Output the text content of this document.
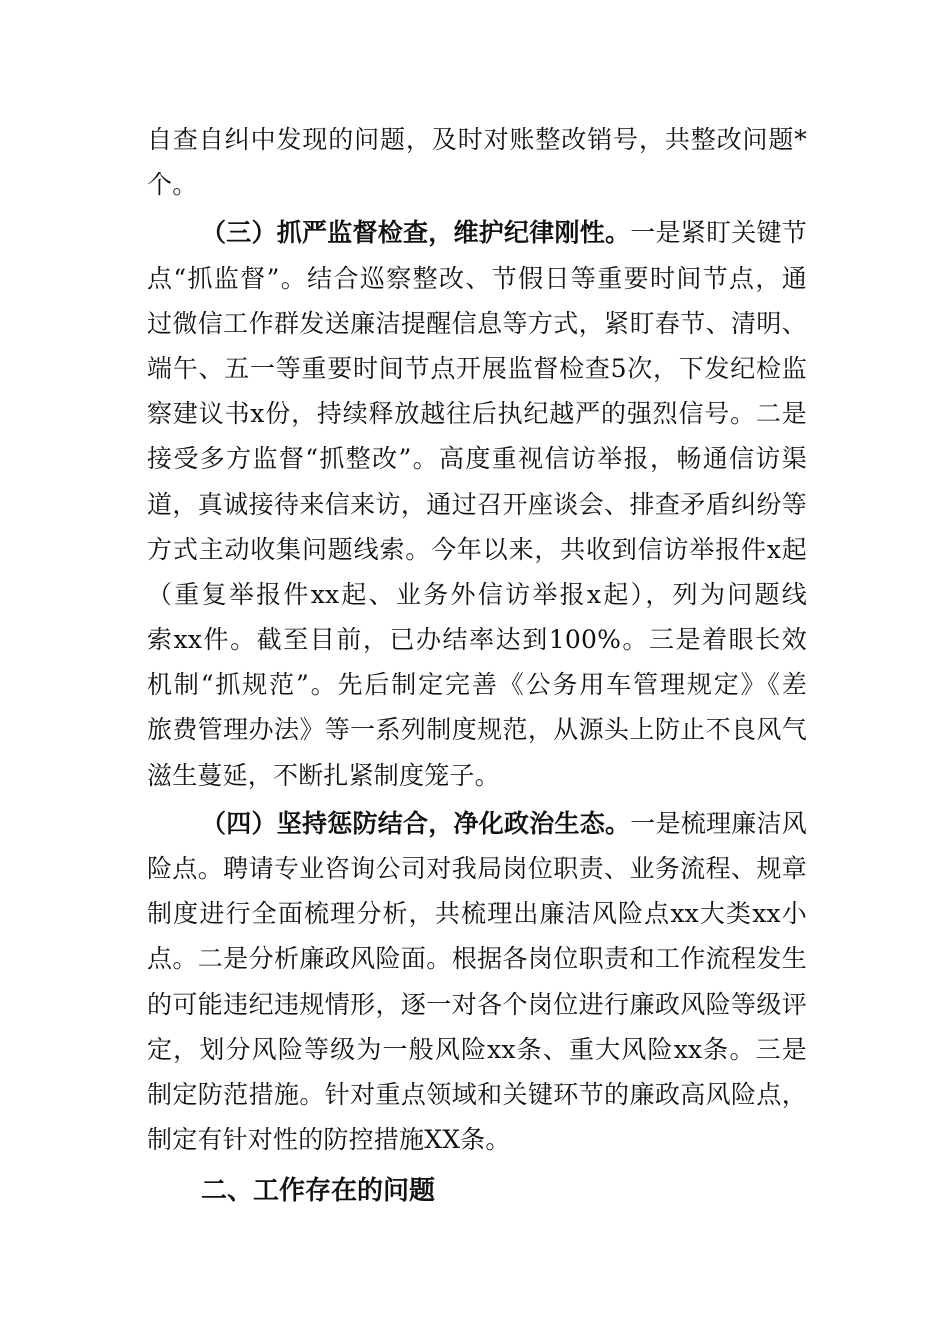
自查自纠中发现的问题，及时对账整改销号，共整改问题*
个。
（三）抓严监督检查，维护纪律刚性。一是紧盯关键节
点“抓监督”。结合巡察整改、节假日等重要时间节点，通
过微信工作群发送廉洁提醒信息等方式，紧盯春节、清明、
端午、五一等重要时间节点开展监督检查5次，下发纪检监
察建议书x份，持续释放越往后执纪越严的强烈信号。二是
接受多方监督“抓整改”。高度重视信访举报，畅通信访渠
道，真诚接待来信来访，通过召开座谈会、排查矛盾纠纷等
方式主动收集问题线索。今年以来，共收到信访举报件x起
（重复举报件xx起、业务外信访举报x起），列为问题线
索xx件。截至目前，已办结率达到100%。三是着眼长效
机制“抓规范”。先后制定完善《公务用车管理规定》《差
旅费管理办法》等一系列制度规范，从源头上防止不良风气
滋生蔓延，不断扎紧制度笼子。
（四）坚持惩防结合，净化政治生态。一是梳理廉洁风
险点。聘请专业咨询公司对我局岗位职责、业务流程、规章
制度进行全面梳理分析，共梳理出廉洁风险点xx大类xx小
点。二是分析廉政风险面。根据各岗位职责和工作流程发生
的可能违纪违规情形，逐一对各个岗位进行廉政风险等级评
定，划分风险等级为一般风险xx条、重大风险xx条。三是
制定防范措施。针对重点领域和关键环节的廉政高风险点，
制定有针对性的防控措施XX条。
二、工作存在的问题
